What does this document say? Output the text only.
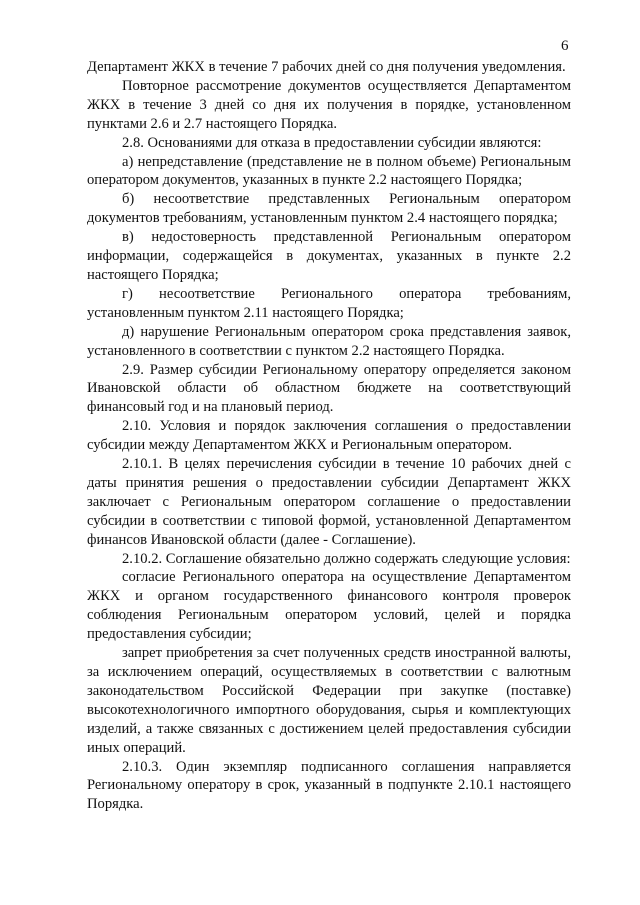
6

Департамент ЖКХ в течение 7 рабочих дней со дня получения уведомления.

Повторное рассмотрение документов осуществляется Департаментом ЖКХ в течение 3 дней со дня их получения в порядке, установленном пунктами 2.6 и 2.7 настоящего Порядка.

2.8. Основаниями для отказа в предоставлении субсидии являются:

а) непредставление (представление не в полном объеме) Региональным оператором документов, указанных в пункте 2.2 настоящего Порядка;

б) несоответствие представленных Региональным оператором документов требованиям, установленным пунктом 2.4 настоящего порядка;

в) недостоверность представленной Региональным оператором информации, содержащейся в документах, указанных в пункте 2.2 настоящего Порядка;

г) несоответствие Регионального оператора требованиям, установленным пунктом 2.11 настоящего Порядка;

д) нарушение Региональным оператором срока представления заявок, установленного в соответствии с пунктом 2.2 настоящего Порядка.

2.9. Размер субсидии Региональному оператору определяется законом Ивановской области об областном бюджете на соответствующий финансовый год и на плановый период.

2.10. Условия и порядок заключения соглашения о предоставлении субсидии между Департаментом ЖКХ и Региональным оператором.

2.10.1. В целях перечисления субсидии в течение 10 рабочих дней с даты принятия решения о предоставлении субсидии Департамент ЖКХ заключает с Региональным оператором соглашение о предоставлении субсидии в соответствии с типовой формой, установленной Департаментом финансов Ивановской области (далее - Соглашение).

2.10.2. Соглашение обязательно должно содержать следующие условия:

согласие Регионального оператора на осуществление Департаментом ЖКХ и органом государственного финансового контроля проверок соблюдения Региональным оператором условий, целей и порядка предоставления субсидии;

запрет приобретения за счет полученных средств иностранной валюты, за исключением операций, осуществляемых в соответствии с валютным законодательством Российской Федерации при закупке (поставке) высокотехнологичного импортного оборудования, сырья и комплектующих изделий, а также связанных с достижением целей предоставления субсидии иных операций.

2.10.3. Один экземпляр подписанного соглашения направляется Региональному оператору в срок, указанный в подпункте 2.10.1 настоящего Порядка.
